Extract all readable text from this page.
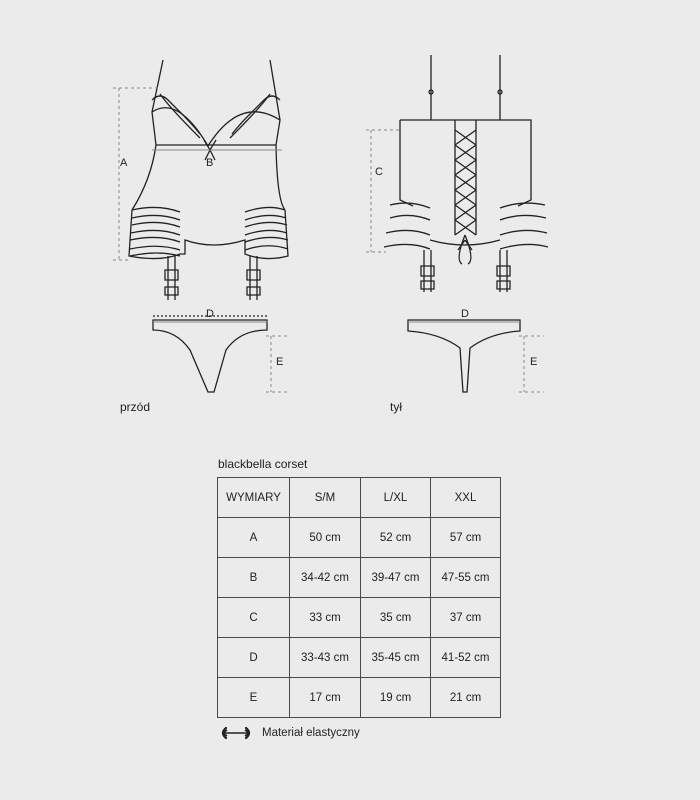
A	B
D
E
C
D
E
przód	tył
blackbella corset
WYMIARY	S/M	L/XL	XXL
A	50 cm	52 cm	57 cm
B	34-42 cm	39-47 cm	47-55 cm
C	33 cm	35 cm	37 cm
D	33-43 cm	35-45 cm	41-52 cm
E	17 cm	19 cm	21 cm
Materiał elastyczny
